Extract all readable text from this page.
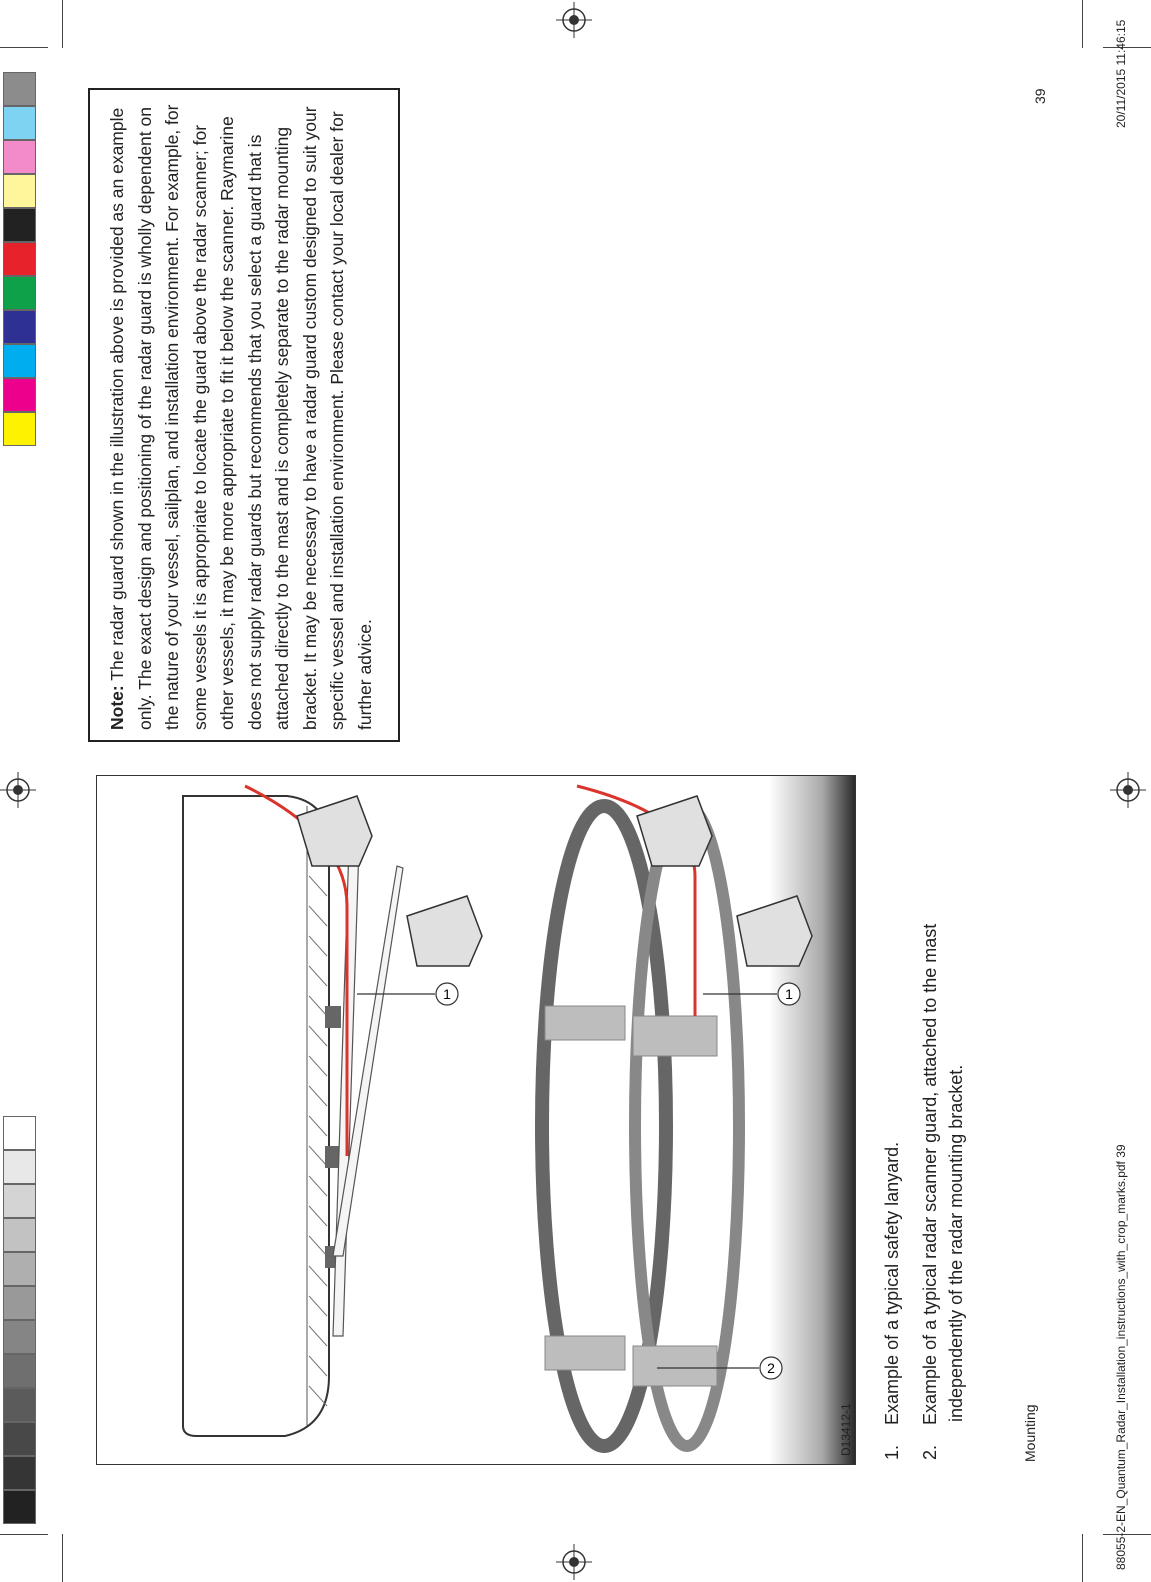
Note: The radar guard shown in the illustration above is provided as an example only. The exact design and positioning of the radar guard is wholly dependent on the nature of your vessel, sailplan, and installation environment. For example, for some vessels it is appropriate to locate the guard above the radar scanner; for other vessels, it may be more appropriate to fit it below the scanner. Raymarine does not supply radar guards but recommends that you select a guard that is attached directly to the mast and is completely separate to the radar mounting bracket. It may be necessary to have a radar guard custom designed to suit your specific vessel and installation environment. Please contact your local dealer for further advice.
1	1
2
D13412-1 1.    Example of a typical safety lanyard.
2.    Example of a typical radar scanner guard, attached to the mast independently of the radar mounting bracket.
Mounting
39
88055-2-EN_Quantum_Radar_Installation_instructions_with_crop_marks.pdf 39
20/11/2015 11:46:15
